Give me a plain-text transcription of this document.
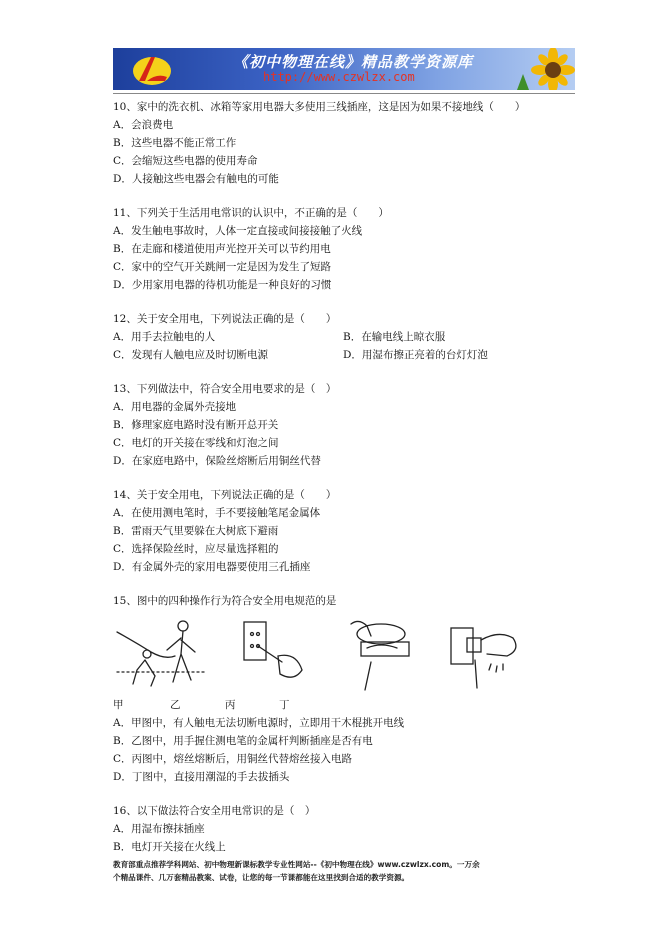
《初中物理在线》精品教学资源库
http://www.czwlzx.com
10、家中的洗衣机、冰箱等家用电器大多使用三线插座，这是因为如果不接地线（　　）
A．会浪费电
B．这些电器不能正常工作
C．会缩短这些电器的使用寿命
D．人接触这些电器会有触电的可能
11、下列关于生活用电常识的认识中，不正确的是（　　）
A．发生触电事故时，人体一定直接或间接接触了火线
B．在走廊和楼道使用声光控开关可以节约用电
C．家中的空气开关跳闸一定是因为发生了短路
D．少用家用电器的待机功能是一种良好的习惯
12、关于安全用电，下列说法正确的是（　　）
A．用手去拉触电的人	B．在输电线上晾衣服
C．发现有人触电应及时切断电源	D．用湿布擦正亮着的台灯灯泡
13、下列做法中，符合安全用电要求的是（　）
A．用电器的金属外壳接地
B．修理家庭电路时没有断开总开关
C．电灯的开关接在零线和灯泡之间
D．在家庭电路中，保险丝熔断后用铜丝代替
14、关于安全用电，下列说法正确的是（　　）
A．在使用测电笔时，手不要接触笔尾金属体
B．雷雨天气里要躲在大树底下避雨
C．选择保险丝时，应尽量选择粗的
D．有金属外壳的家用电器要使用三孔插座
15、图中的四种操作行为符合安全用电规范的是
甲	乙	丙	丁
A．甲图中，有人触电无法切断电源时，立即用干木棍挑开电线
B．乙图中，用手握住测电笔的金属杆判断插座是否有电
C．丙图中，熔丝熔断后，用铜丝代替熔丝接入电路
D．丁图中，直接用潮湿的手去拔插头
16、以下做法符合安全用电常识的是（　）
A．用湿布擦抹插座
B．电灯开关接在火线上
教育部重点推荐学科网站、初中物理新课标教学专业性网站--《初中物理在线》www.czwlzx.com。一万余
个精品课件、几万套精品教案、试卷，让您的每一节课都能在这里找到合适的教学资源。
